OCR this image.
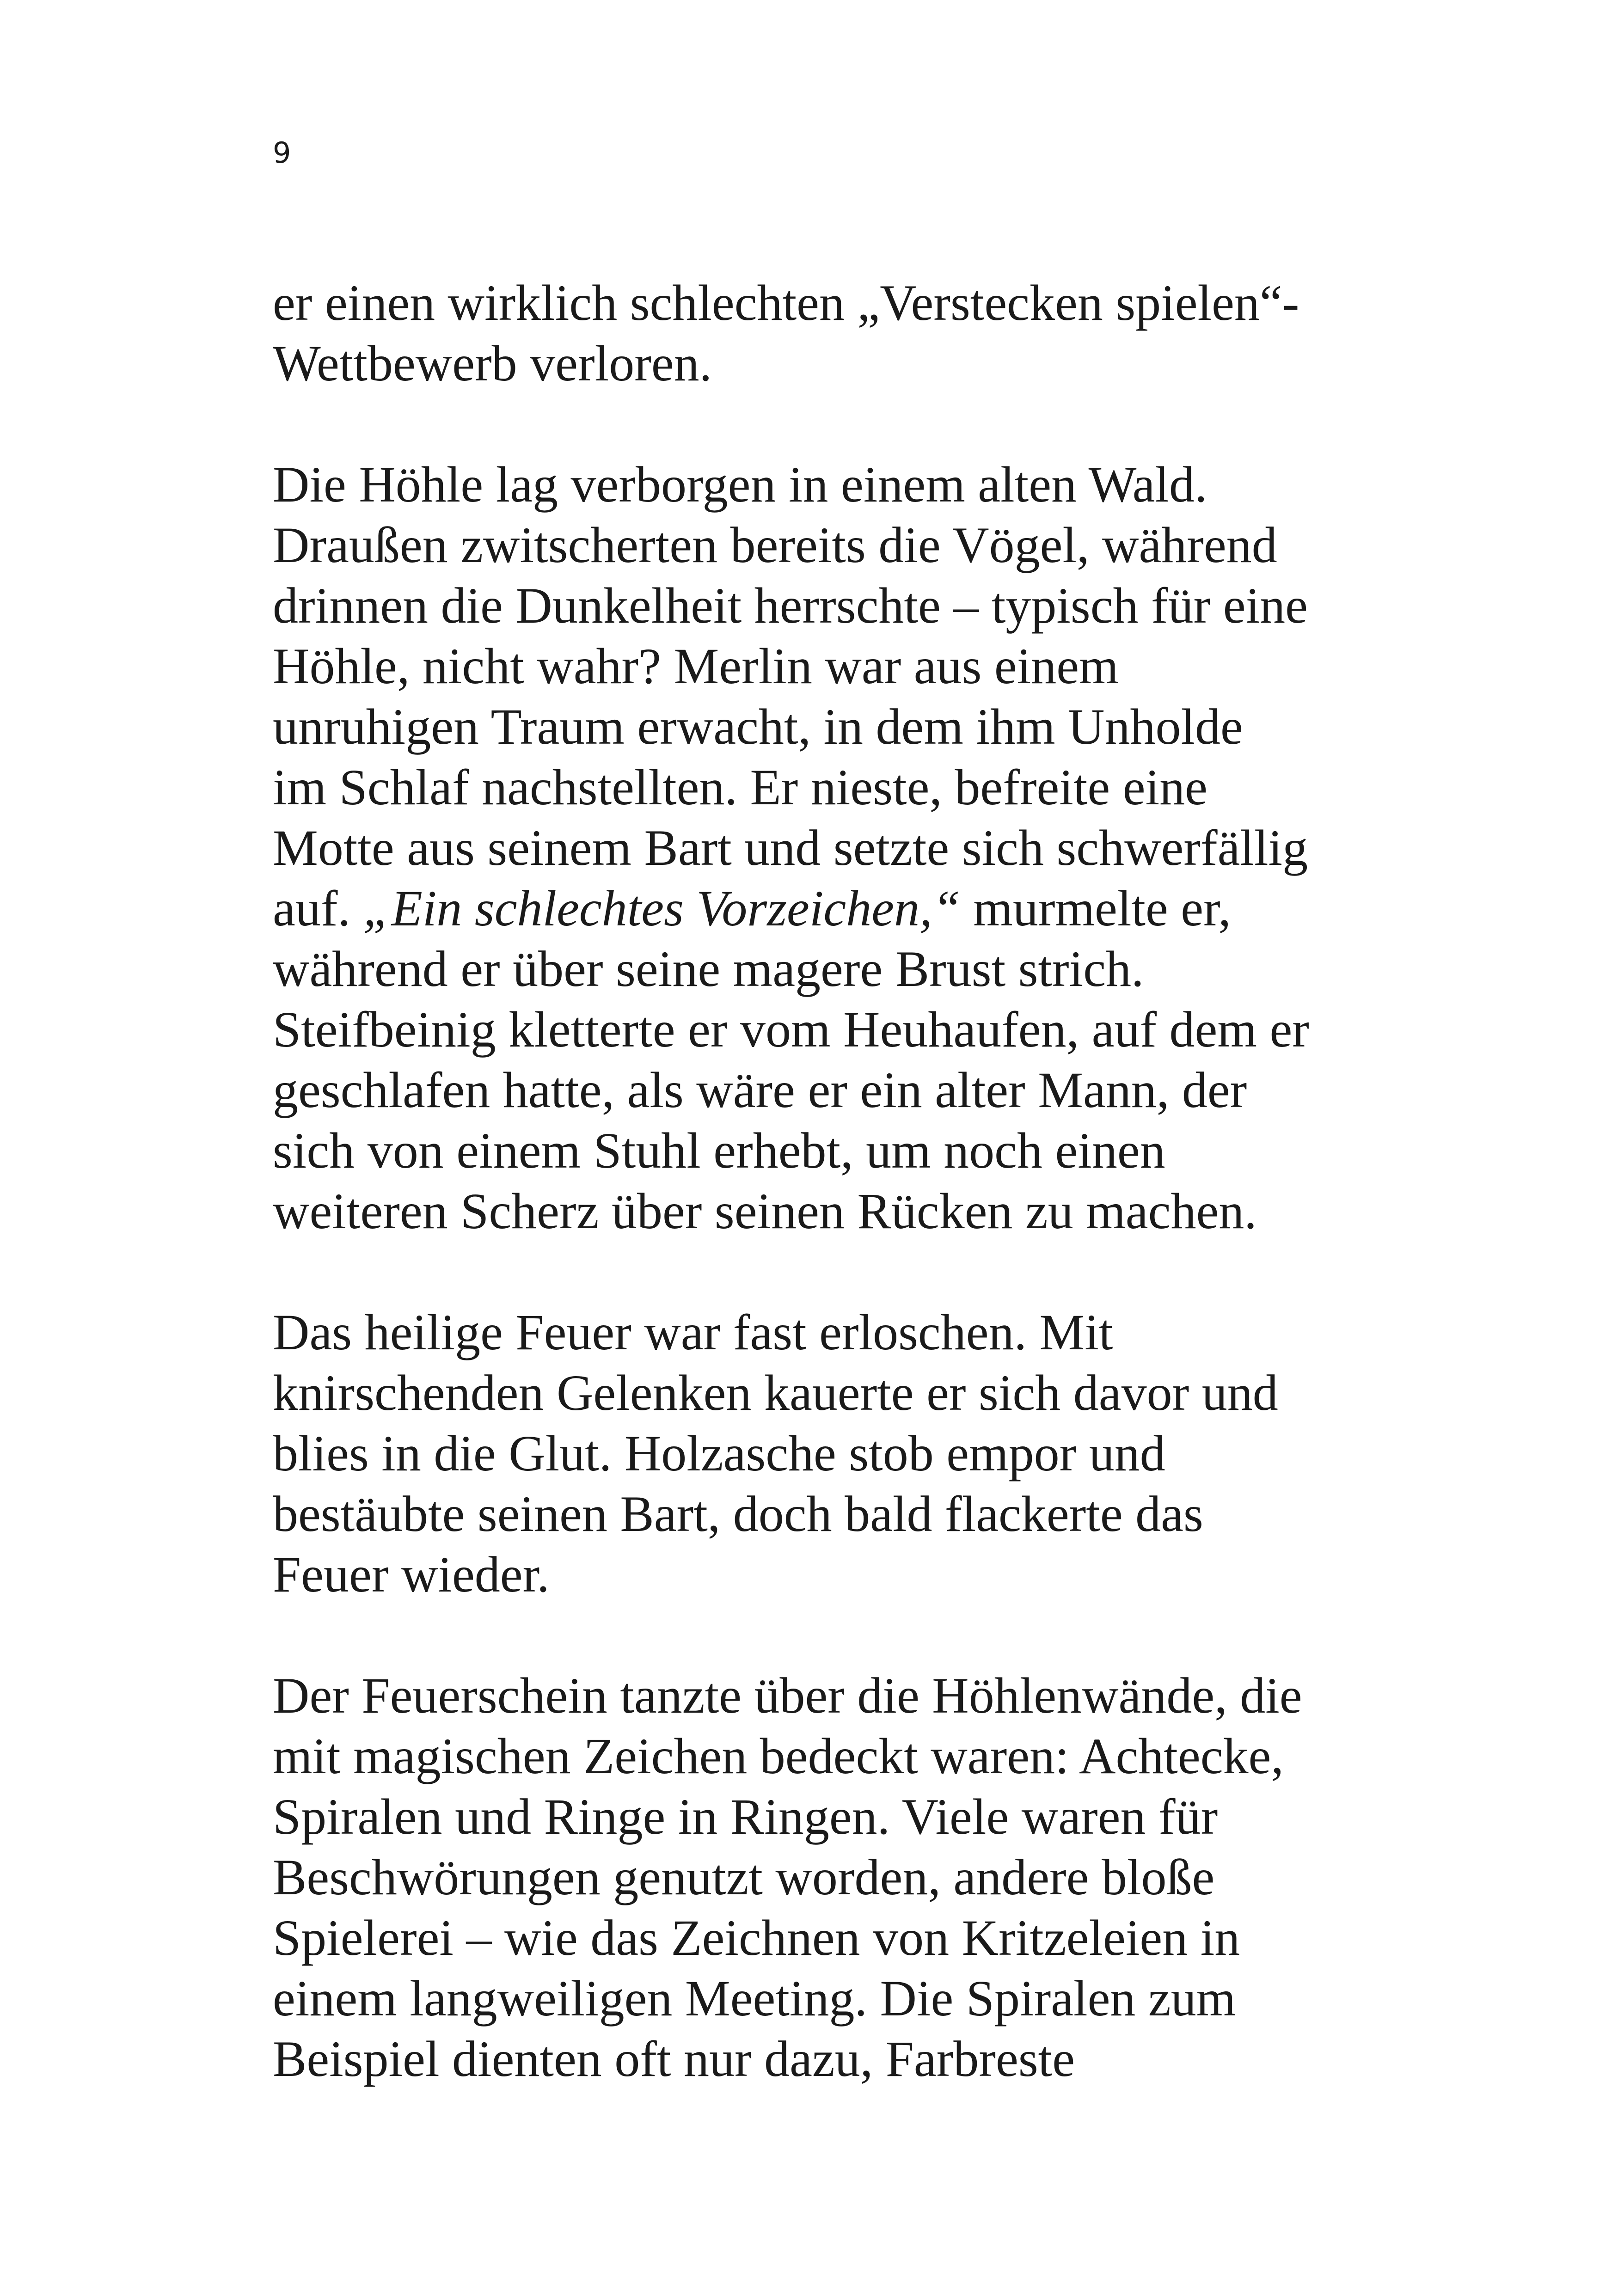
9
er einen wirklich schlechten „Verstecken spielen“-
Wettbewerb verloren.
Die Höhle lag verborgen in einem alten Wald.
Draußen zwitscherten bereits die Vögel, während
drinnen die Dunkelheit herrschte – typisch für eine
Höhle, nicht wahr? Merlin war aus einem
unruhigen Traum erwacht, in dem ihm Unholde
im Schlaf nachstellten. Er nieste, befreite eine
Motte aus seinem Bart und setzte sich schwerfällig
auf. „Ein schlechtes Vorzeichen,“ murmelte er,
während er über seine magere Brust strich.
Steifbeinig kletterte er vom Heuhaufen, auf dem er
geschlafen hatte, als wäre er ein alter Mann, der
sich von einem Stuhl erhebt, um noch einen
weiteren Scherz über seinen Rücken zu machen.
Das heilige Feuer war fast erloschen. Mit
knirschenden Gelenken kauerte er sich davor und
blies in die Glut. Holzasche stob empor und
bestäubte seinen Bart, doch bald flackerte das
Feuer wieder.
Der Feuerschein tanzte über die Höhlenwände, die
mit magischen Zeichen bedeckt waren: Achtecke,
Spiralen und Ringe in Ringen. Viele waren für
Beschwörungen genutzt worden, andere bloße
Spielerei – wie das Zeichnen von Kritzeleien in
einem langweiligen Meeting. Die Spiralen zum
Beispiel dienten oft nur dazu, Farbreste
